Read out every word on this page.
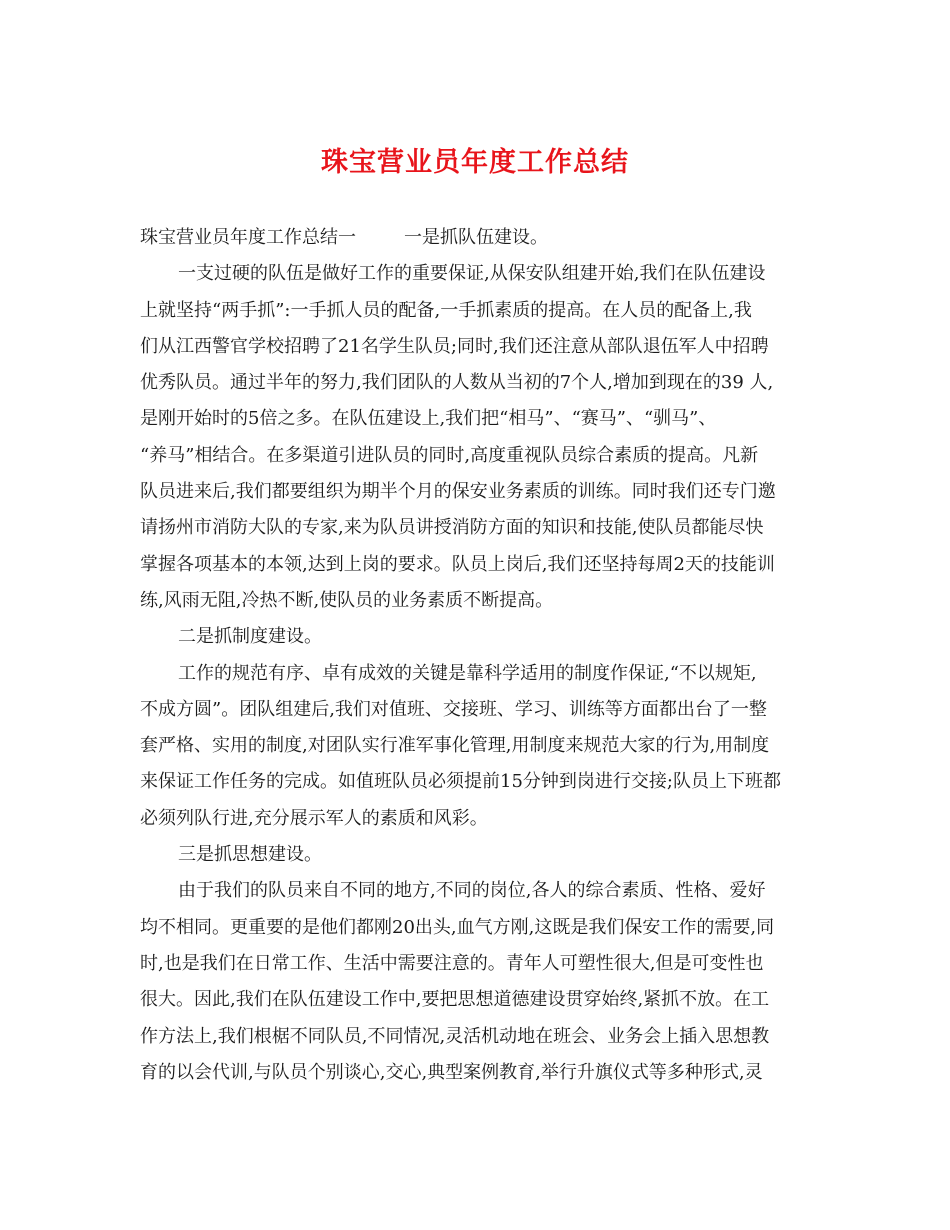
珠宝营业员年度工作总结
珠宝营业员年度工作总结一	一是抓队伍建设。
一支过硬的队伍是做好工作的重要保证,从保安队组建开始,我们在队伍建设
上就坚持“两手抓”:一手抓人员的配备,一手抓素质的提高。在人员的配备上,我
们从江西警官学校招聘了21名学生队员;同时,我们还注意从部队退伍军人中招聘
优秀队员。通过半年的努力,我们团队的人数从当初的7个人,增加到现在的39 人,
是刚开始时的5倍之多。在队伍建设上,我们把“相马”、“赛马”、“驯马”、
“养马”相结合。在多渠道引进队员的同时,高度重视队员综合素质的提高。凡新
队员进来后,我们都要组织为期半个月的保安业务素质的训练。同时我们还专门邀
请扬州市消防大队的专家,来为队员讲授消防方面的知识和技能,使队员都能尽快
掌握各项基本的本领,达到上岗的要求。队员上岗后,我们还坚持每周2天的技能训
练,风雨无阻,冷热不断,使队员的业务素质不断提高。
二是抓制度建设。
工作的规范有序、卓有成效的关键是靠科学适用的制度作保证,“不以规矩,
不成方圆”。团队组建后,我们对值班、交接班、学习、训练等方面都出台了一整
套严格、实用的制度,对团队实行准军事化管理,用制度来规范大家的行为,用制度
来保证工作任务的完成。如值班队员必须提前15分钟到岗进行交接;队员上下班都
必须列队行进,充分展示军人的素质和风彩。
三是抓思想建设。
由于我们的队员来自不同的地方,不同的岗位,各人的综合素质、性格、爱好
均不相同。更重要的是他们都刚20出头,血气方刚,这既是我们保安工作的需要,同
时,也是我们在日常工作、生活中需要注意的。青年人可塑性很大,但是可变性也
很大。因此,我们在队伍建设工作中,要把思想道德建设贯穿始终,紧抓不放。在工
作方法上,我们根椐不同队员,不同情况,灵活机动地在班会、业务会上插入思想教
育的以会代训,与队员个别谈心,交心,典型案例教育,举行升旗仪式等多种形式,灵
